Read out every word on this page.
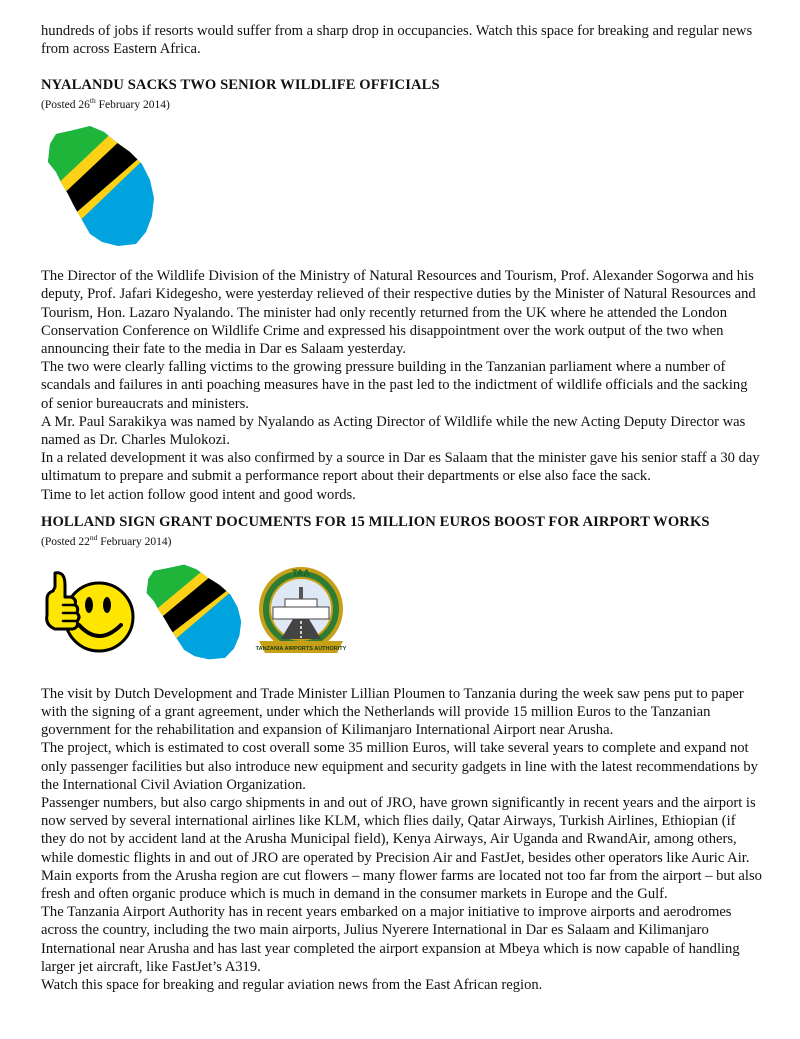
hundreds of jobs if resorts would suffer from a sharp drop in occupancies. Watch this space for breaking and regular news from across Eastern Africa.

NYALANDU SACKS TWO SENIOR WILDLIFE OFFICIALS

(Posted 26th February 2014)

The Director of the Wildlife Division of the Ministry of Natural Resources and Tourism, Prof. Alexander Sogorwa and his deputy, Prof. Jafari Kidegesho, were yesterday relieved of their respective duties by the Minister of Natural Resources and Tourism, Hon. Lazaro Nyalando. The minister had only recently returned from the UK where he attended the London Conservation Conference on Wildlife Crime and expressed his disappointment over the work output of the two when announcing their fate to the media in Dar es Salaam yesterday.

The two were clearly falling victims to the growing pressure building in the Tanzanian parliament where a number of scandals and failures in anti poaching measures have in the past led to the indictment of wildlife officials and the sacking of senior bureaucrats and ministers.

A Mr. Paul Sarakikya was named by Nyalando as Acting Director of Wildlife while the new Acting Deputy Director was named as Dr. Charles Mulokozi.

In a related development it was also confirmed by a source in Dar es Salaam that the minister gave his senior staff a 30 day ultimatum to prepare and submit a performance report about their departments or else also face the sack.

Time to let action follow good intent and good words.

HOLLAND SIGN GRANT DOCUMENTS FOR 15 MILLION EUROS BOOST FOR AIRPORT WORKS

(Posted 22nd February 2014)

TAA
TANZANIA AIRPORTS AUTHORITY

The visit by Dutch Development and Trade Minister Lillian Ploumen to Tanzania during the week saw pens put to paper with the signing of a grant agreement, under which the Netherlands will provide 15 million Euros to the Tanzanian government for the rehabilitation and expansion of Kilimanjaro International Airport near Arusha.

The project, which is estimated to cost overall some 35 million Euros, will take several years to complete and expand not only passenger facilities but also introduce new equipment and security gadgets in line with the latest recommendations by the International Civil Aviation Organization.

Passenger numbers, but also cargo shipments in and out of JRO, have grown significantly in recent years and the airport is now served by several international airlines like KLM, which flies daily, Qatar Airways, Turkish Airlines, Ethiopian (if they do not by accident land at the Arusha Municipal field), Kenya Airways, Air Uganda and RwandAir, among others, while domestic flights in and out of JRO are operated by Precision Air and FastJet, besides other operators like Auric Air.

Main exports from the Arusha region are cut flowers – many flower farms are located not too far from the airport – but also fresh and often organic produce which is much in demand in the consumer markets in Europe and the Gulf.

The Tanzania Airport Authority has in recent years embarked on a major initiative to improve airports and aerodromes across the country, including the two main airports, Julius Nyerere International in Dar es Salaam and Kilimanjaro International near Arusha and has last year completed the airport expansion at Mbeya which is now capable of handling larger jet aircraft, like FastJet’s A319.

Watch this space for breaking and regular aviation news from the East African region.
